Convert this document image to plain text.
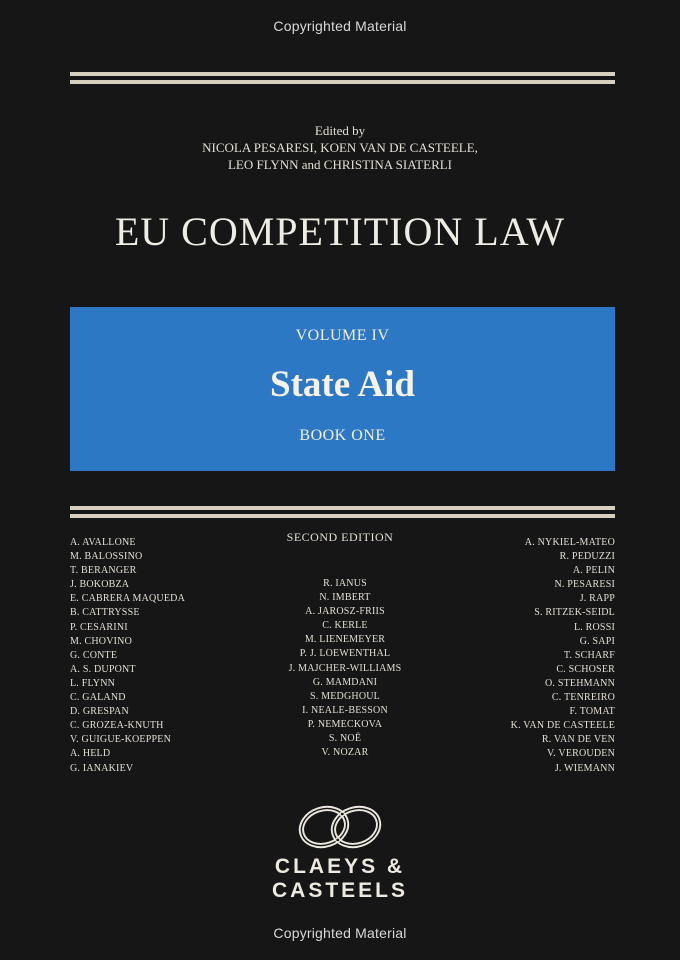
Copyrighted Material
Edited by
NICOLA PESARESI, KOEN VAN DE CASTEELE,
LEO FLYNN and CHRISTINA SIATERLI
EU COMPETITION LAW
VOLUME IV
State Aid
BOOK ONE
SECOND EDITION
A. AVALLONE
M. BALOSSINO
T. BERANGER
J. BOKOBZA
E. CABRERA MAQUEDA
B. CATTRYSSE
P. CESARINI
M. CHOVINO
G. CONTE
A. S. DUPONT
L. FLYNN
C. GALAND
D. GRESPAN
C. GROZEA-KNUTH
V. GUIGUE-KOEPPEN
A. HELD
G. IANAKIEV
R. IANUS
N. IMBERT
A. JAROSZ-FRIIS
C. KERLE
M. LIENEMEYER
P. J. LOEWENTHAL
J. MAJCHER-WILLIAMS
G. MAMDANI
S. MEDGHOUL
I. NEALE-BESSON
P. NEMECKOVA
S. NOË
V. NOZAR
A. NYKIEL-MATEO
R. PEDUZZI
A. PELIN
N. PESARESI
J. RAPP
S. RITZEK-SEIDL
L. ROSSI
G. SAPI
T. SCHARF
C. SCHOSER
O. STEHMANN
C. TENREIRO
F. TOMAT
K. VAN DE CASTEELE
R. VAN DE VEN
V. VEROUDEN
J. WIEMANN
CLAEYS &
CASTEELS
Copyrighted Material
